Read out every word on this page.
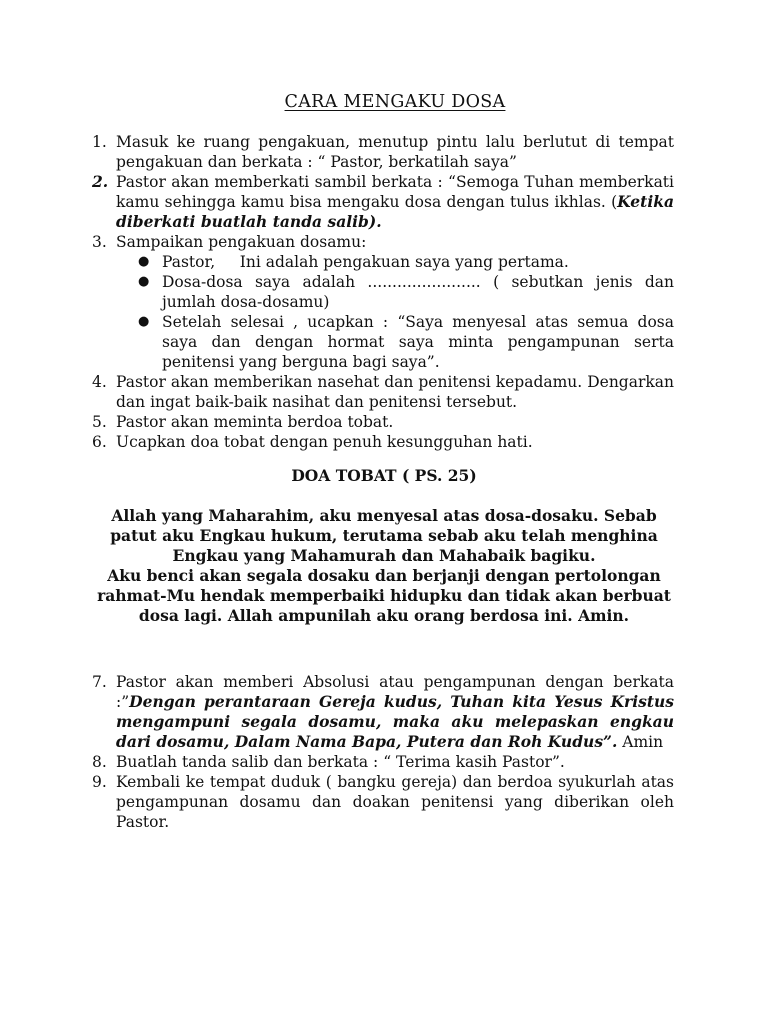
CARA MENGAKU DOSA
1. Masuk ke ruang pengakuan, menutup pintu lalu berlutut di tempat pengakuan dan berkata : “ Pastor, berkatilah saya”
2. Pastor akan memberkati sambil berkata : “Semoga Tuhan memberkati kamu sehingga kamu bisa mengaku dosa dengan tulus ikhlas. (Ketika diberkati buatlah tanda salib).
3. Sampaikan pengakuan dosamu:
● Pastor,     Ini adalah pengakuan saya yang pertama.
● Dosa-dosa saya adalah ....................... ( sebutkan jenis dan jumlah dosa-dosamu)
● Setelah selesai , ucapkan : “Saya menyesal atas semua dosa saya dan dengan hormat saya minta pengampunan serta penitensi yang berguna bagi saya”.
4. Pastor akan memberikan nasehat dan penitensi kepadamu. Dengarkan dan ingat baik-baik nasihat dan penitensi tersebut.
5. Pastor akan meminta berdoa tobat.
6. Ucapkan doa tobat dengan penuh kesungguhan hati.
DOA TOBAT ( PS. 25)

Allah yang Maharahim, aku menyesal atas dosa-dosaku. Sebab patut aku Engkau hukum, terutama sebab aku telah menghina Engkau yang Mahamurah dan Mahabaik bagiku.

Aku benci akan segala dosaku dan berjanji dengan pertolongan rahmat-Mu hendak memperbaiki hidupku dan tidak akan berbuat dosa lagi. Allah ampunilah aku orang berdosa ini. Amin.

7. Pastor akan memberi Absolusi atau pengampunan dengan berkata :”Dengan perantaraan Gereja kudus, Tuhan kita Yesus Kristus mengampuni segala dosamu, maka aku melepaskan engkau dari dosamu, Dalam Nama Bapa, Putera dan Roh Kudus”. Amin
8. Buatlah tanda salib dan berkata : “ Terima kasih Pastor”.
9. Kembali ke tempat duduk ( bangku gereja) dan berdoa syukurlah atas pengampunan dosamu dan doakan penitensi yang diberikan oleh Pastor.
